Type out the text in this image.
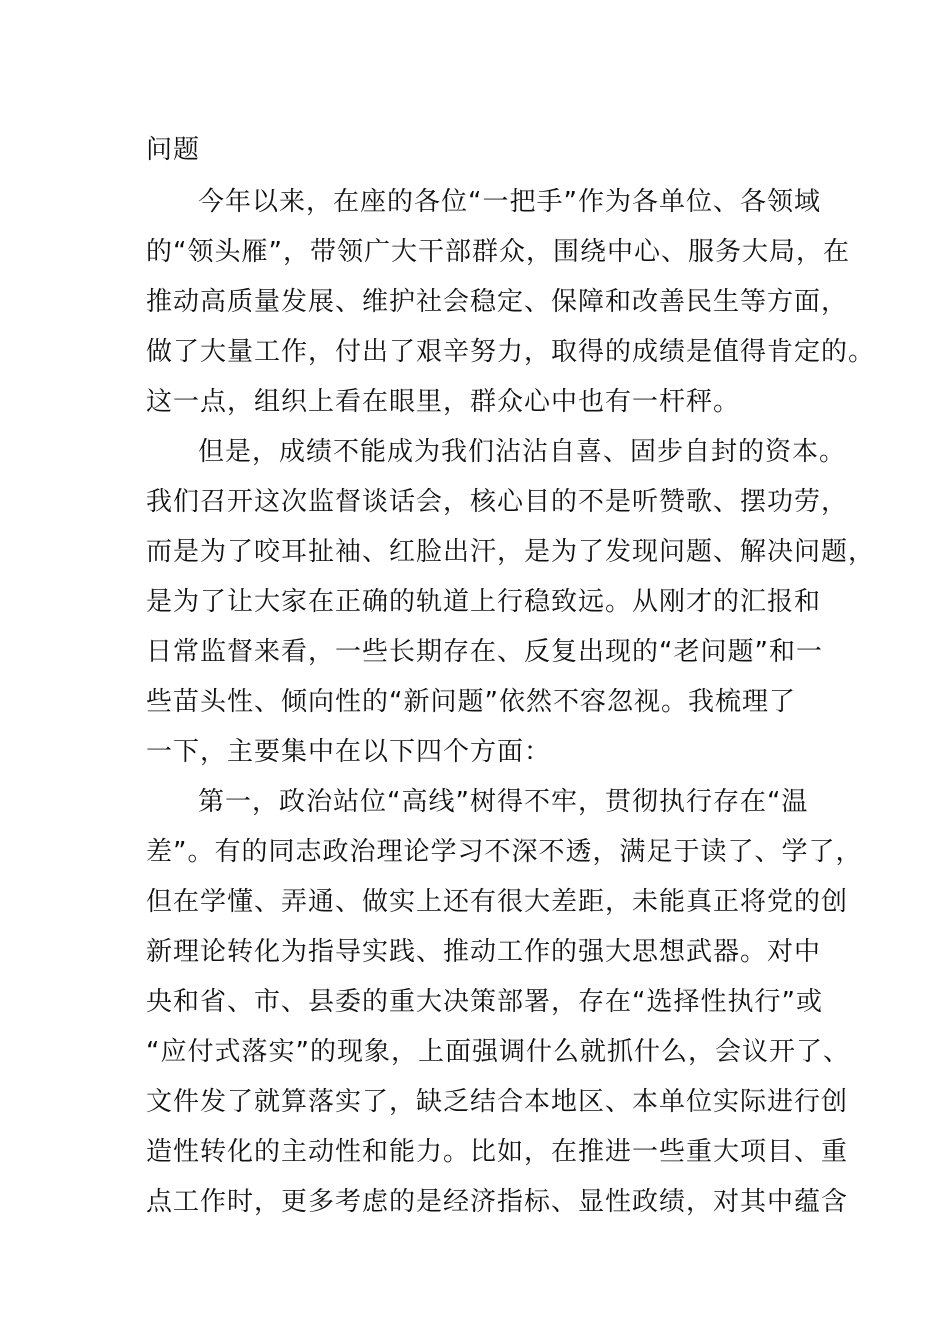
问题

今年以来，在座的各位“一把手”作为各单位、各领域

的“领头雁”，带领广大干部群众，围绕中心、服务大局，在

推动高质量发展、维护社会稳定、保障和改善民生等方面，

做了大量工作，付出了艰辛努力，取得的成绩是值得肯定的。

这一点，组织上看在眼里，群众心中也有一杆秤。

但是，成绩不能成为我们沾沾自喜、固步自封的资本。

我们召开这次监督谈话会，核心目的不是听赞歌、摆功劳，

而是为了咬耳扯袖、红脸出汗，是为了发现问题、解决问题，

是为了让大家在正确的轨道上行稳致远。从刚才的汇报和

日常监督来看，一些长期存在、反复出现的“老问题”和一

些苗头性、倾向性的“新问题”依然不容忽视。我梳理了

一下，主要集中在以下四个方面：

第一，政治站位“高线”树得不牢，贯彻执行存在“温

差”。有的同志政治理论学习不深不透，满足于读了、学了，

但在学懂、弄通、做实上还有很大差距，未能真正将党的创

新理论转化为指导实践、推动工作的强大思想武器。对中

央和省、市、县委的重大决策部署，存在“选择性执行”或

“应付式落实”的现象，上面强调什么就抓什么，会议开了、

文件发了就算落实了，缺乏结合本地区、本单位实际进行创

造性转化的主动性和能力。比如，在推进一些重大项目、重

点工作时，更多考虑的是经济指标、显性政绩，对其中蕴含
